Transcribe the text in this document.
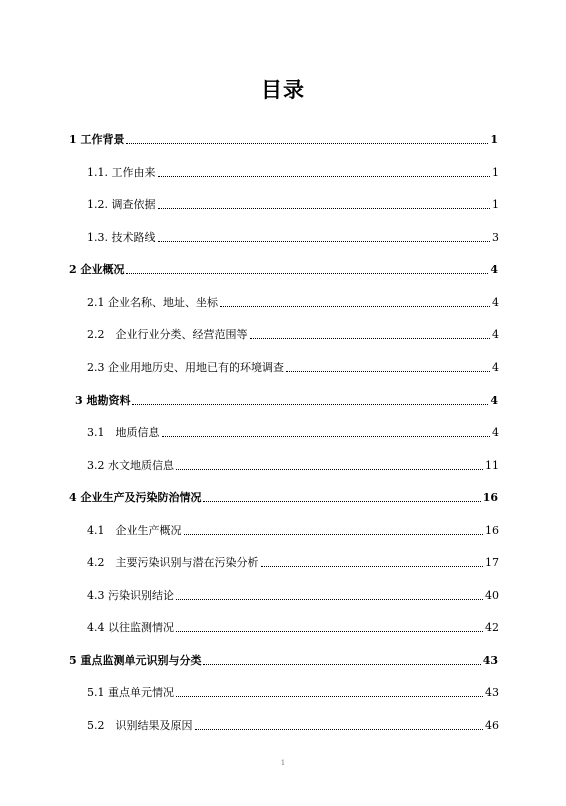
目录
1 工作背景	1
1.1. 工作由来	1
1.2. 调查依据	1
1.3. 技术路线	3
2 企业概况	4
2.1 企业名称、地址、坐标	4
2.2　企业行业分类、经营范围等	4
2.3 企业用地历史、用地已有的环境调查	4
3 地勘资料	4
3.1　地质信息	4
3.2 水文地质信息	11
4 企业生产及污染防治情况	16
4.1　企业生产概况	16
4.2　主要污染识别与潜在污染分析	17
4.3 污染识别结论	40
4.4 以往监测情况	42
5 重点监测单元识别与分类	43
5.1 重点单元情况	43
5.2　识别结果及原因	46
1
